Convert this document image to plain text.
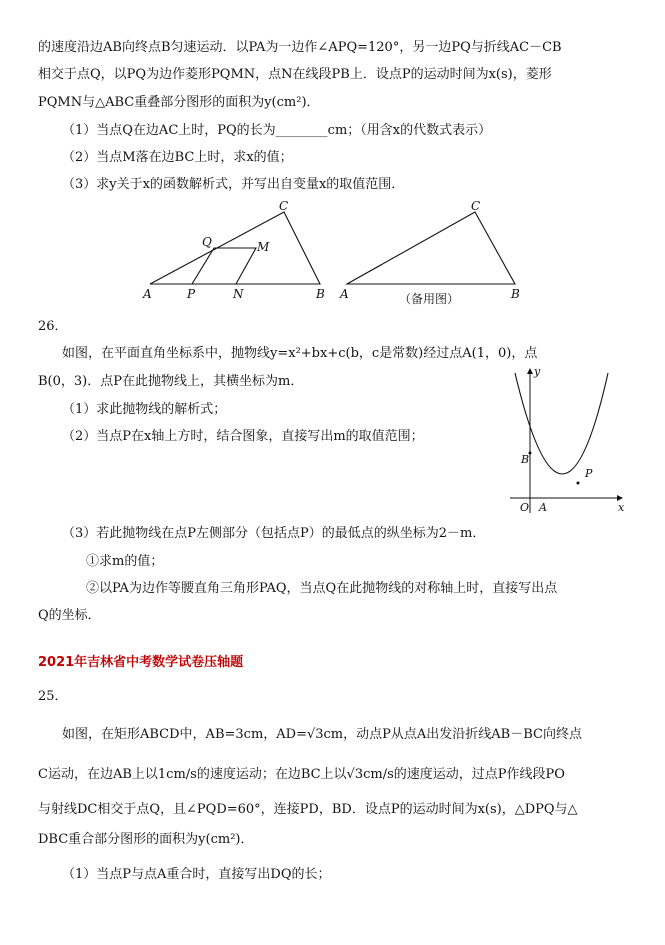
的速度沿边AB向终点B匀速运动．以PA为一边作∠APQ=120°，另一边PQ与折线AC－CB
相交于点Q，以PQ为边作菱形PQMN，点N在线段PB上．设点P的运动时间为x(s)，菱形
PQMN与△ABC重叠部分图形的面积为y(cm²)．
（1）当点Q在边AC上时，PQ的长为________cm；（用含x的代数式表示）
（2）当点M落在边BC上时，求x的值；
（3）求y关于x的函数解析式，并写出自变量x的取值范围．
C
Q	M
A	P	N	B
C
A	B
（备用图）
26．
如图，在平面直角坐标系中，抛物线y=x²+bx+c(b，c是常数)经过点A(1，0)，点
B(0，3)．点P在此抛物线上，其横坐标为m．
（1）求此抛物线的解析式；
（2）当点P在x轴上方时，结合图象，直接写出m的取值范围；
（3）若此抛物线在点P左侧部分（包括点P）的最低点的纵坐标为2－m．
①求m的值；
②以PA为边作等腰直角三角形PAQ，当点Q在此抛物线的对称轴上时，直接写出点
Q的坐标．
y
x
O A
B
P
2021年吉林省中考数学试卷压轴题
25．
如图，在矩形ABCD中，AB=3cm，AD=√3cm，动点P从点A出发沿折线AB－BC向终点
C运动，在边AB上以1cm/s的速度运动；在边BC上以√3cm/s的速度运动，过点P作线段PO
与射线DC相交于点Q，且∠PQD=60°，连接PD，BD．设点P的运动时间为x(s)，△DPQ与△
DBC重合部分图形的面积为y(cm²)．
（1）当点P与点A重合时，直接写出DQ的长；
